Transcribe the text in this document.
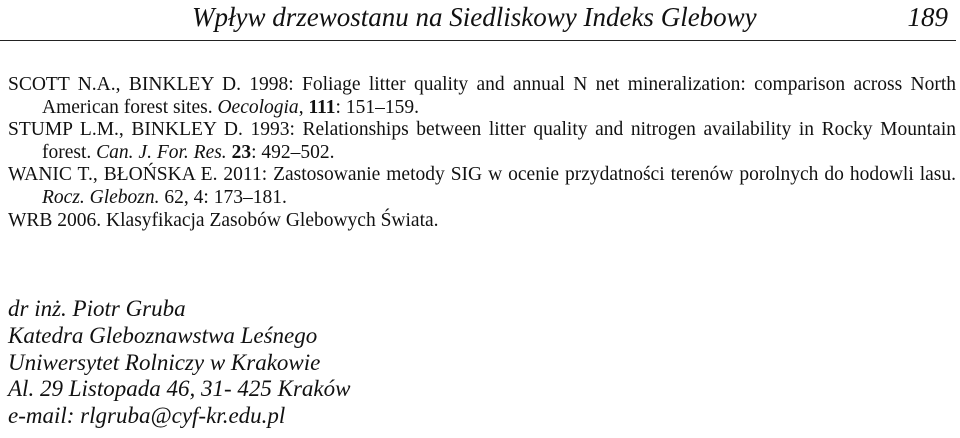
Wpływ drzewostanu na Siedliskowy Indeks Glebowy	189

SCOTT N.A., BINKLEY D. 1998: Foliage litter quality and annual N net mineralization: comparison across North American forest sites. Oecologia, 111: 151–159.

STUMP L.M., BINKLEY D. 1993: Relationships between litter quality and nitrogen availability in Rocky Mountain forest. Can. J. For. Res. 23: 492–502.

WANIC T., BŁOŃSKA E. 2011: Zastosowanie metody SIG w ocenie przydatności terenów porolnych do hodowli lasu. Rocz. Glebozn. 62, 4: 173–181.

WRB 2006. Klasyfikacja Zasobów Glebowych Świata.

dr inż. Piotr Gruba
Katedra Gleboznawstwa Leśnego
Uniwersytet Rolniczy w Krakowie
Al. 29 Listopada 46, 31- 425 Kraków
e-mail: rlgruba@cyf-kr.edu.pl
